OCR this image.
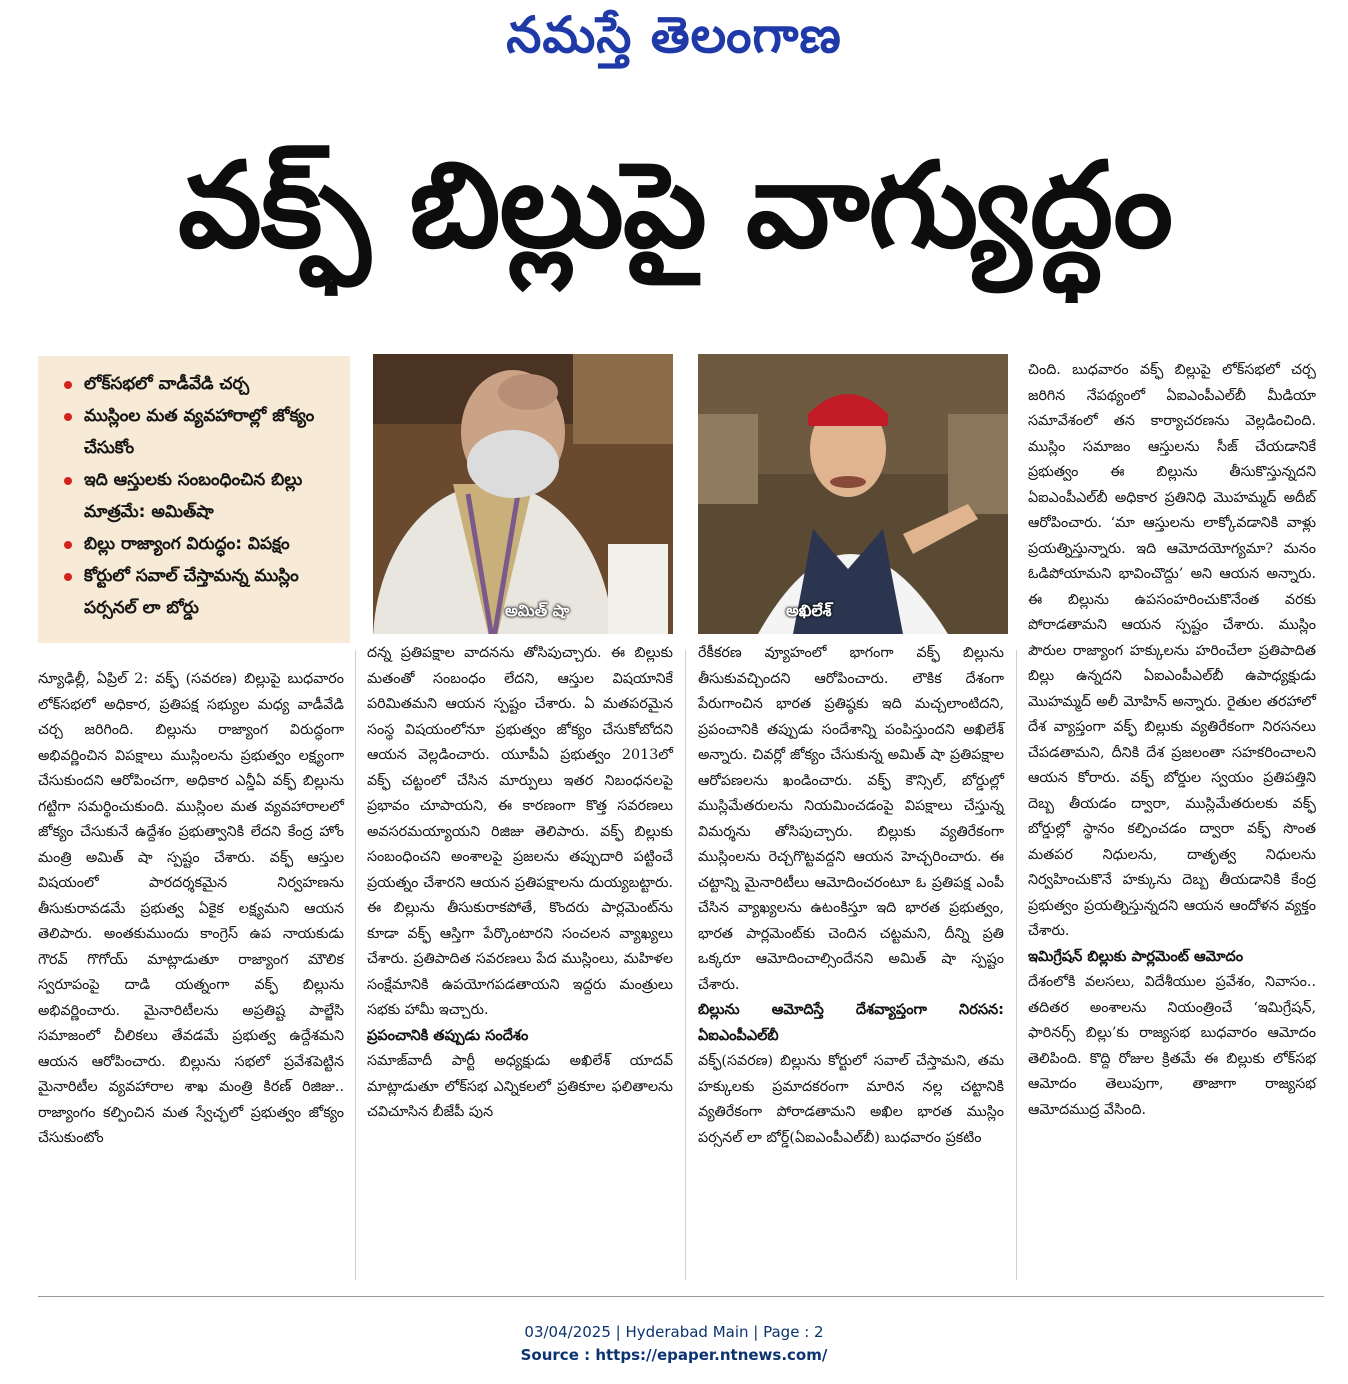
నమస్తే తెలంగాణ
వక్ఫ్ బిల్లుపై వాగ్యుద్ధం
లోక్‌సభలో వాడీవేడి చర్చ
ముస్లింల మత వ్యవహారాల్లో జోక్యం చేసుకోం
ఇది ఆస్తులకు సంబంధించిన బిల్లు మాత్రమే: అమిత్‌షా
బిల్లు రాజ్యాంగ విరుద్ధం: విపక్షం
కోర్టులో సవాల్ చేస్తామన్న ముస్లిం పర్సనల్ లా బోర్డు	అమిత్ షా	అఖిలేశ్

న్యూఢిల్లీ, ఏప్రిల్ 2: వక్ఫ్ (సవరణ) బిల్లుపై బుధవారం లోక్‌సభలో అధికార, ప్రతిపక్ష సభ్యుల మధ్య వాడీవేడి చర్చ జరిగింది. బిల్లును రాజ్యాంగ విరుద్ధంగా అభివర్ణించిన విపక్షాలు ముస్లింలను ప్రభుత్వం లక్ష్యంగా చేసుకుందని ఆరోపించగా, అధికార ఎన్డీఏ వక్ఫ్ బిల్లును గట్టిగా సమర్థించుకుంది. ముస్లింల మత వ్యవహారాలలో జోక్యం చేసుకునే ఉద్దేశం ప్రభుత్వానికి లేదని కేంద్ర హోం మంత్రి అమిత్ షా స్పష్టం చేశారు. వక్ఫ్ ఆస్తుల విషయంలో పారదర్శకమైన నిర్వహణను తీసుకురావడమే ప్రభుత్వ ఏకైక లక్ష్యమని ఆయన తెలిపారు. అంతకుముందు కాంగ్రెస్ ఉప నాయకుడు గౌరవ్ గొగోయ్ మాట్లాడుతూ రాజ్యాంగ మౌలిక స్వరూపంపై దాడి యత్నంగా వక్ఫ్ బిల్లును అభివర్ణించారు. మైనారిటీలను అప్రతిష్ట పాల్జేసి సమాజంలో చీలికలు తేవడమే ప్రభుత్వ ఉద్దేశమని ఆయన ఆరోపించారు. బిల్లును సభలో ప్రవేశపెట్టిన మైనారిటీల వ్యవహారాల శాఖ మంత్రి కిరణ్ రిజిజు.. రాజ్యాంగం కల్పించిన మత స్వేచ్ఛలో ప్రభుత్వం జోక్యం చేసుకుంటోం

దన్న ప్రతిపక్షాల వాదనను తోసిపుచ్చారు. ఈ బిల్లుకు మతంతో సంబంధం లేదని, ఆస్తుల విషయానికే పరిమితమని ఆయన స్పష్టం చేశారు. ఏ మతపరమైన సంస్థ విషయంలోనూ ప్రభుత్వం జోక్యం చేసుకోబోదని ఆయన వెల్లడించారు. యూపీఏ ప్రభుత్వం 2013లో వక్ఫ్ చట్టంలో చేసిన మార్పులు ఇతర నిబంధనలపై ప్రభావం చూపాయని, ఈ కారణంగా కొత్త సవరణలు అవసరమయ్యాయని రిజిజు తెలిపారు. వక్ఫ్ బిల్లుకు సంబంధించని అంశాలపై ప్రజలను తప్పుదారి పట్టించే ప్రయత్నం చేశారని ఆయన ప్రతిపక్షాలను దుయ్యబట్టారు. ఈ బిల్లును తీసుకురాకపోతే, కొందరు పార్లమెంట్‌ను కూడా వక్ఫ్ ఆస్తిగా పేర్కొంటారని సంచలన వ్యాఖ్యలు చేశారు. ప్రతిపాదిత సవరణలు పేద ముస్లింలు, మహిళల సంక్షేమానికి ఉపయోగపడతాయని ఇద్దరు మంత్రులు సభకు హామీ ఇచ్చారు.

ప్రపంచానికి తప్పుడు సందేశం

సమాజ్‌వాదీ పార్టీ అధ్యక్షుడు అఖిలేశ్ యాదవ్ మాట్లాడుతూ లోక్‌సభ ఎన్నికలలో ప్రతికూల ఫలితాలను చవిచూసిన బీజేపీ పున

రేకీకరణ వ్యూహంలో భాగంగా వక్ఫ్ బిల్లును తీసుకువచ్చిందని ఆరోపించారు. లౌకిక దేశంగా పేరుగాంచిన భారత ప్రతిష్ఠకు ఇది మచ్చలాంటిదని, ప్రపంచానికి తప్పుడు సందేశాన్ని పంపిస్తుందని అఖిలేశ్ అన్నారు. చివర్లో జోక్యం చేసుకున్న అమిత్ షా ప్రతిపక్షాల ఆరోపణలను ఖండించారు. వక్ఫ్ కౌన్సిల్, బోర్డుల్లో ముస్లిమేతరులను నియమించడంపై విపక్షాలు చేస్తున్న విమర్శను తోసిపుచ్చారు. బిల్లుకు వ్యతిరేకంగా ముస్లింలను రెచ్చగొట్టవద్దని ఆయన హెచ్చరించారు. ఈ చట్టాన్ని మైనారిటీలు ఆమోదించరంటూ ఓ ప్రతిపక్ష ఎంపీ చేసిన వ్యాఖ్యలను ఉటంకిస్తూ ఇది భారత ప్రభుత్వం, భారత పార్లమెంట్‌కు చెందిన చట్టమని, దీన్ని ప్రతి ఒక్కరూ ఆమోదించాల్సిందేనని అమిత్ షా స్పష్టం చేశారు.

బిల్లును ఆమోదిస్తే దేశవ్యాప్తంగా నిరసన: ఏఐఎంపీఎల్‌బీ

వక్ఫ్(సవరణ) బిల్లును కోర్టులో సవాల్ చేస్తామని, తమ హక్కులకు ప్రమాదకరంగా మారిన నల్ల చట్టానికి వ్యతిరేకంగా పోరాడతామని అఖిల భారత ముస్లిం పర్సనల్ లా బోర్డ్(ఏఐఎంపీఎల్‌బీ) బుధవారం ప్రకటిం

చింది. బుధవారం వక్ఫ్ బిల్లుపై లోక్‌సభలో చర్చ జరిగిన నేపథ్యంలో ఏఐఎంపీఎల్‌బీ మీడియా సమావేశంలో తన కార్యాచరణను వెల్లడించింది. ముస్లిం సమాజం ఆస్తులను సీజ్ చేయడానికే ప్రభుత్వం ఈ బిల్లును తీసుకొస్తున్నదని ఏఐఎంపీఎల్‌బీ అధికార ప్రతినిధి మొహమ్మద్ అదీబ్ ఆరోపించారు. ‘మా ఆస్తులను లాక్కోవడానికి వాళ్లు ప్రయత్నిస్తున్నారు. ఇది ఆమోదయోగ్యమా? మనం ఓడిపోయామని భావించొద్దు’ అని ఆయన అన్నారు. ఈ బిల్లును ఉపసంహరించుకొనేంత వరకు పోరాడతామని ఆయన స్పష్టం చేశారు. ముస్లిం పౌరుల రాజ్యాంగ హక్కులను హరించేలా ప్రతిపాదిత బిల్లు ఉన్నదని ఏఐఎంపీఎల్‌బీ ఉపాధ్యక్షుడు మొహమ్మద్ అలీ మోహిన్ అన్నారు. రైతుల తరహాలో దేశ వ్యాప్తంగా వక్ఫ్ బిల్లుకు వ్యతిరేకంగా నిరసనలు చేపడతామని, దీనికి దేశ ప్రజలంతా సహకరించాలని ఆయన కోరారు. వక్ఫ్ బోర్డుల స్వయం ప్రతిపత్తిని దెబ్బ తీయడం ద్వారా, ముస్లిమేతరులకు వక్ఫ్ బోర్డుల్లో స్థానం కల్పించడం ద్వారా వక్ఫ్ సొంత మతపర నిధులను, దాతృత్వ నిధులను నిర్వహించుకొనే హక్కును దెబ్బ తీయడానికి కేంద్ర ప్రభుత్వం ప్రయత్నిస్తున్నదని ఆయన ఆందోళన వ్యక్తం చేశారు.

ఇమిగ్రేషన్ బిల్లుకు పార్లమెంట్ ఆమోదం

దేశంలోకి వలసలు, విదేశీయుల ప్రవేశం, నివాసం.. తదితర అంశాలను నియంత్రించే ‘ఇమిగ్రేషన్, ఫారినర్స్ బిల్లు’కు రాజ్యసభ బుధవారం ఆమోదం తెలిపింది. కొద్ది రోజుల క్రితమే ఈ బిల్లుకు లోక్‌సభ ఆమోదం తెలుపుగా, తాజాగా రాజ్యసభ ఆమోదముద్ర వేసింది.

03/04/2025 | Hyderabad Main | Page : 2
Source : https://epaper.ntnews.com/
